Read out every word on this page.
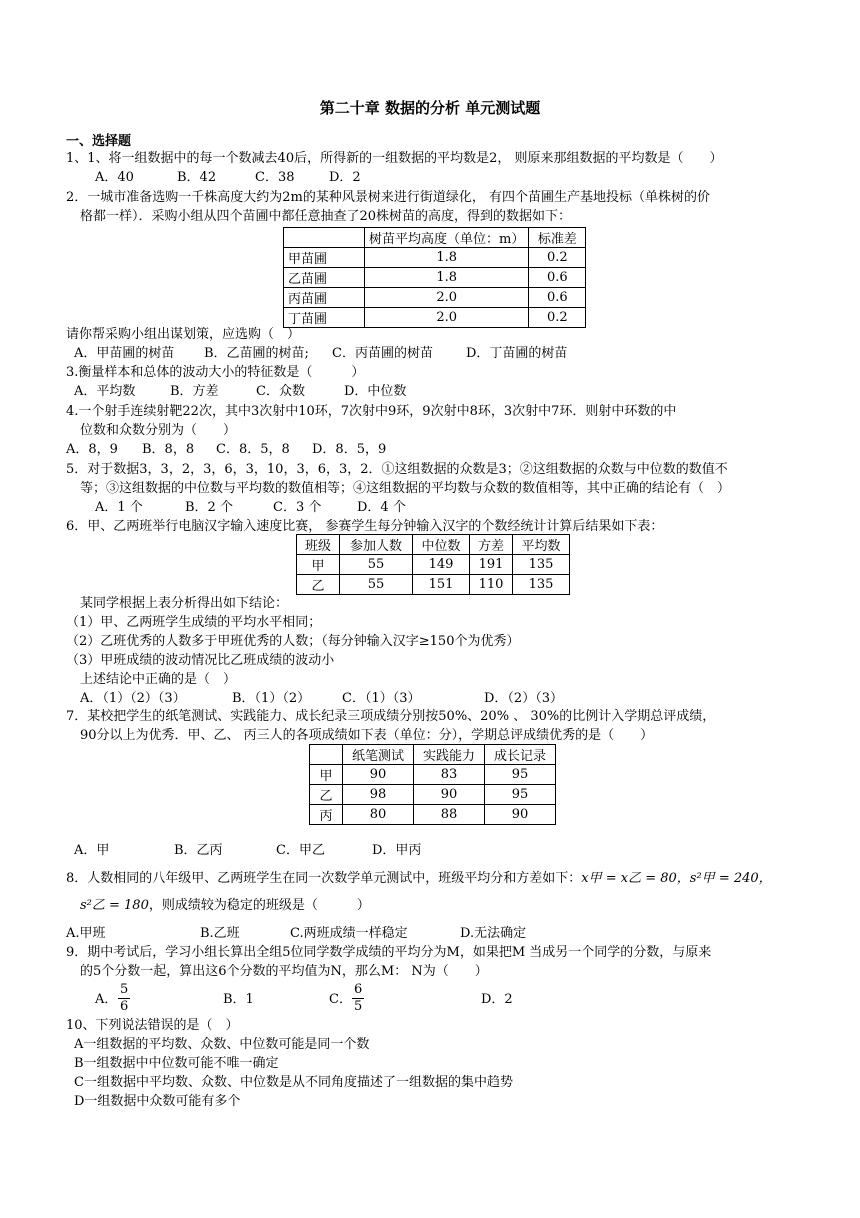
第二十章 数据的分析 单元测试题
一、选择题
1、1、将一组数据中的每一个数减去40后，所得新的一组数据的平均数是2， 则原来那组数据的平均数是（　　）
A．40	B．42	C．38	D．2
2．一城市准备选购一千株高度大约为2m的某种风景树来进行街道绿化， 有四个苗圃生产基地投标（单株树的价
格都一样）．采购小组从四个苗圃中都任意抽查了20株树苗的高度，得到的数据如下：
	树苗平均高度（单位：m）	标准差
甲苗圃	1.8	0.2
乙苗圃	1.8	0.6
丙苗圃	2.0	0.6
丁苗圃	2.0	0.2
请你帮采购小组出谋划策，应选购（　）
A．甲苗圃的树苗 B．乙苗圃的树苗; C．丙苗圃的树苗	D．丁苗圃的树苗
3.衡量样本和总体的波动大小的特征数是（　　　）
A．平均数	B．方差	C．众数	D．中位数
4.一个射手连续射靶22次，其中3次射中10环，7次射中9环，9次射中8环，3次射中7环．则射中环数的中
位数和众数分别为（　　）
A．8，9 B．8，8 C．8．5，8 D．8．5，9
5．对于数据3，3，2，3，6，3，10，3，6，3，2．①这组数据的众数是3；②这组数据的众数与中位数的数值不
等；③这组数据的中位数与平均数的数值相等；④这组数据的平均数与众数的数值相等，其中正确的结论有（　）
A．1 个	B．2 个	C．3 个	D．4 个
6．甲、乙两班举行电脑汉字输入速度比赛， 参赛学生每分钟输入汉字的个数经统计计算后结果如下表：
班级	参加人数	中位数	方差	平均数
甲	55	149	191	135
乙	55	151	110	135
某同学根据上表分析得出如下结论：
（1）甲、乙两班学生成绩的平均水平相同；
（2）乙班优秀的人数多于甲班优秀的人数；（每分钟输入汉字≥150个为优秀）
（3）甲班成绩的波动情况比乙班成绩的波动小
上述结论中正确的是（　）
A．（1）（2）（3）	B．（1）（2） C．（1）（3）	D．（2）（3）
7．某校把学生的纸笔测试、实践能力、成长纪录三项成绩分别按50%、20% 、 30%的比例计入学期总评成绩，
90分以上为优秀．甲、乙、 丙三人的各项成绩如下表（单位：分），学期总评成绩优秀的是（　　）
	纸笔测试	实践能力	成长记录
甲	90	83	95
乙	98	90	95
丙	80	88	90
A．甲	B．乙丙	C．甲乙	D．甲丙
8．人数相同的八年级甲、乙两班学生在同一次数学单元测试中，班级平均分和方差如下：x甲 = x乙 = 80，s²甲 = 240，
s²乙 = 180，则成绩较为稳定的班级是（　　　）
A.甲班	B.乙班	C.两班成绩一样稳定	D.无法确定
9．期中考试后，学习小组长算出全组5位同学数学成绩的平均分为M，如果把M 当成另一个同学的分数，与原来
的5个分数一起，算出这6个分数的平均值为N，那么M： N为（　　）
A． $\frac{5}{6}$	B．1	C． $\frac{6}{5}$	D．2
10、下列说法错误的是（　）
A一组数据的平均数、众数、中位数可能是同一个数
B一组数据中中位数可能不唯一确定
C一组数据中平均数、众数、中位数是从不同角度描述了一组数据的集中趋势
D一组数据中众数可能有多个
